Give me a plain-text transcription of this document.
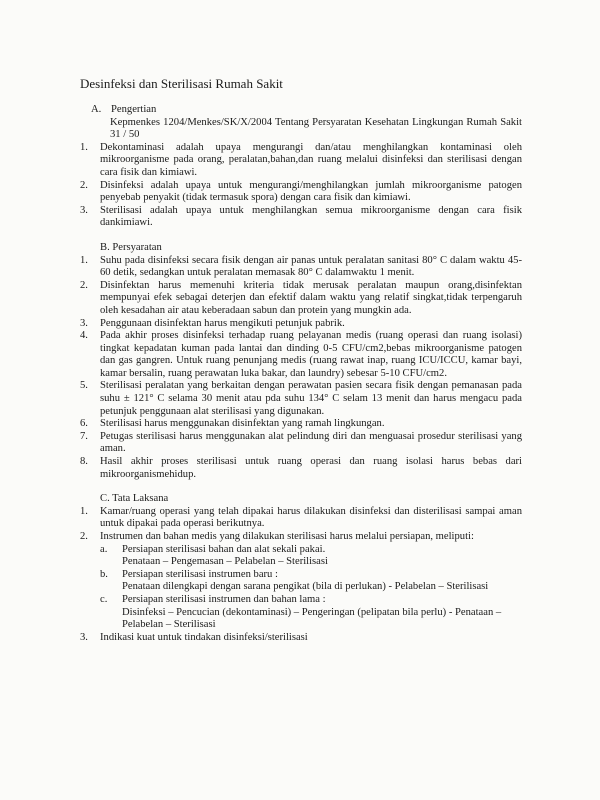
Desinfeksi dan Sterilisasi Rumah Sakit
A. Pengertian
Kepmenkes 1204/Menkes/SK/X/2004 Tentang Persyaratan Kesehatan Lingkungan Rumah Sakit 31 / 50
1.	Dekontaminasi adalah upaya mengurangi dan/atau menghilangkan kontaminasi oleh mikroorganisme pada orang, peralatan,bahan,dan ruang melalui disinfeksi dan sterilisasi dengan cara fisik dan kimiawi.
2.	Disinfeksi adalah upaya untuk mengurangi/menghilangkan jumlah mikroorganisme patogen penyebab penyakit (tidak termasuk spora) dengan cara fisik dan kimiawi.
3.	Sterilisasi adalah upaya untuk menghilangkan semua mikroorganisme dengan cara fisik dankimiawi.
B. Persyaratan
1.	Suhu pada disinfeksi secara fisik dengan air panas untuk peralatan sanitasi 80° C dalam waktu 45-60 detik, sedangkan untuk peralatan memasak 80° C dalamwaktu 1 menit.
2.	Disinfektan harus memenuhi kriteria tidak merusak peralatan maupun orang,disinfektan mempunyai efek sebagai deterjen dan efektif dalam waktu yang relatif singkat,tidak terpengaruh oleh kesadahan air atau keberadaan sabun dan protein yang mungkin ada.
3.	Penggunaan disinfektan harus mengikuti petunjuk pabrik.
4.	Pada akhir proses disinfeksi terhadap ruang pelayanan medis (ruang operasi dan ruang isolasi) tingkat kepadatan kuman pada lantai dan dinding 0-5 CFU/cm2,bebas mikroorganisme patogen dan gas gangren. Untuk ruang penunjang medis (ruang rawat inap, ruang ICU/ICCU, kamar bayi, kamar bersalin, ruang perawatan luka bakar, dan laundry) sebesar 5-10 CFU/cm2.
5.	Sterilisasi peralatan yang berkaitan dengan perawatan pasien secara fisik dengan pemanasan pada suhu ± 121° C selama 30 menit atau pda suhu 134° C selam 13 menit dan harus mengacu pada petunjuk penggunaan alat sterilisasi yang digunakan.
6.	Sterilisasi harus menggunakan disinfektan yang ramah lingkungan.
7.	Petugas sterilisasi harus menggunakan alat pelindung diri dan menguasai prosedur sterilisasi yang aman.
8.	Hasil akhir proses sterilisasi untuk ruang operasi dan ruang isolasi harus bebas dari mikroorganismehidup.
C. Tata Laksana
1.	Kamar/ruang operasi yang telah dipakai harus dilakukan disinfeksi dan disterilisasi sampai aman untuk dipakai pada operasi berikutnya.
2.	Instrumen dan bahan medis yang dilakukan sterilisasi harus melalui persiapan, meliputi:
a.	Persiapan sterilisasi bahan dan alat sekali pakai.
Penataan – Pengemasan – Pelabelan – Sterilisasi
b.	Persiapan sterilisasi instrumen baru :
Penataan dilengkapi dengan sarana pengikat (bila di perlukan) - Pelabelan – Sterilisasi
c.	Persiapan sterilisasi instrumen dan bahan lama :
Disinfeksi – Pencucian (dekontaminasi) – Pengeringan (pelipatan bila perlu) - Penataan – Pelabelan – Sterilisasi
3.	Indikasi kuat untuk tindakan disinfeksi/sterilisasi
